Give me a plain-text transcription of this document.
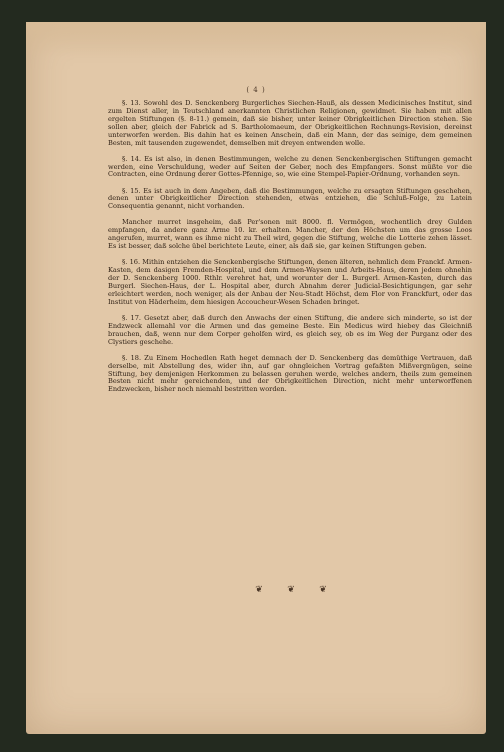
( 4 )

§. 13. Sowohl des D. Senckenberg Burgerliches Siechen-Hauß, als dessen Medicinisches Institut, sind zum Dienst aller, in Teutschland anerkannten Christlichen Religionen, gewidmet. Sie haben mit allen ergelten Stiftungen (§. 8-11.) gemein, daß sie bisher, unter keiner Obrigkeitlichen Direction stehen. Sie sollen aber, gleich der Fabrick ad S. Bartholomaeum, der Obrigkeitlichen Rechnungs-Revision, dereinst unterworfen werden. Bis dahin hat es keinen Anschein, daß ein Mann, der das seinige, dem gemeinen Besten, mit tausenden zugewendet, demselben mit dreyen entwenden wolle.

§. 14. Es ist also, in denen Bestimmungen, welche zu denen Senckenbergischen Stiftungen gemacht werden, eine Verschuldung, weder auf Seiten der Geber, noch des Empfangers. Sonst müßte vor die Contracten, eine Ordnung derer Gottes-Pfennige, so, wie eine Stempel-Papier-Ordnung, vorhanden seyn.

§. 15. Es ist auch in dem Angeben, daß die Bestimmungen, welche zu ersagten Stiftungen geschehen, denen unter Obrigkeitlicher Direction stehenden, etwas entziehen, die Schluß-Folge, zu Latein Consequentia genannt, nicht vorhanden.

Mancher murret insgeheim, daß Per'sonen mit 8000. fl. Vermögen, wochentlich drey Gulden empfangen, da andere ganz Arme 10. kr. erhalten. Mancher, der den Höchsten um das grosse Loos angerufen, murret, wann es ihme nicht zu Theil wird, gegen die Stiftung, welche die Lotterie zehen lässet. Es ist besser, daß solche übel berichtete Leute, einer, als daß sie, gar keinen Stiftungen geben.

§. 16. Mithin entziehen die Senckenbergische Stiftungen, denen älteren, nehmlich dem Franckf. Armen-Kasten, dem dasigen Fremden-Hospital, und dem Armen-Waysen und Arbeits-Haus, deren jedem ohnehin der D. Senckenberg 1000. Rthlr. verehret hat, und worunter der L. Burgerl. Armen-Kasten, durch das Burgerl. Siechen-Haus, der L. Hospital aber, durch Abnahm derer Judicial-Besichtigungen, gar sehr erleichtert werden, noch weniger, als der Anbau der Neu-Stadt Höchst, dem Flor von Franckfurt, oder das Institut von Häderheim, dem hiesigen Accoucheur-Wesen Schaden bringet.

§. 17. Gesetzt aber, daß durch den Anwachs der einen Stiftung, die andere sich minderte, so ist der Endzweck allemahl vor die Armen und das gemeine Beste. Ein Medicus wird hiebey das Gleichniß brauchen, daß, wenn nur dem Corper geholfen wird, es gleich sey, ob es im Weg der Purganz oder des Clystiers geschehe.

§. 18. Zu Einem Hochedlen Rath heget demnach der D. Senckenberg das demüthige Vertrauen, daß derselbe, mit Abstellung des, wider ihn, auf gar ohngleichen Vortrag gefaßten Mißvergnügen, seine Stiftung, bey demjenigen Herkommen zu belassen geruhen werde, welches andern, theils zum gemeinen Besten nicht mehr gereichenden, und der Obrigkeitlichen Direction, nicht mehr unterworffenen Endzwecken, bisher noch niemahl bestritten worden.

❦	❦	❦
